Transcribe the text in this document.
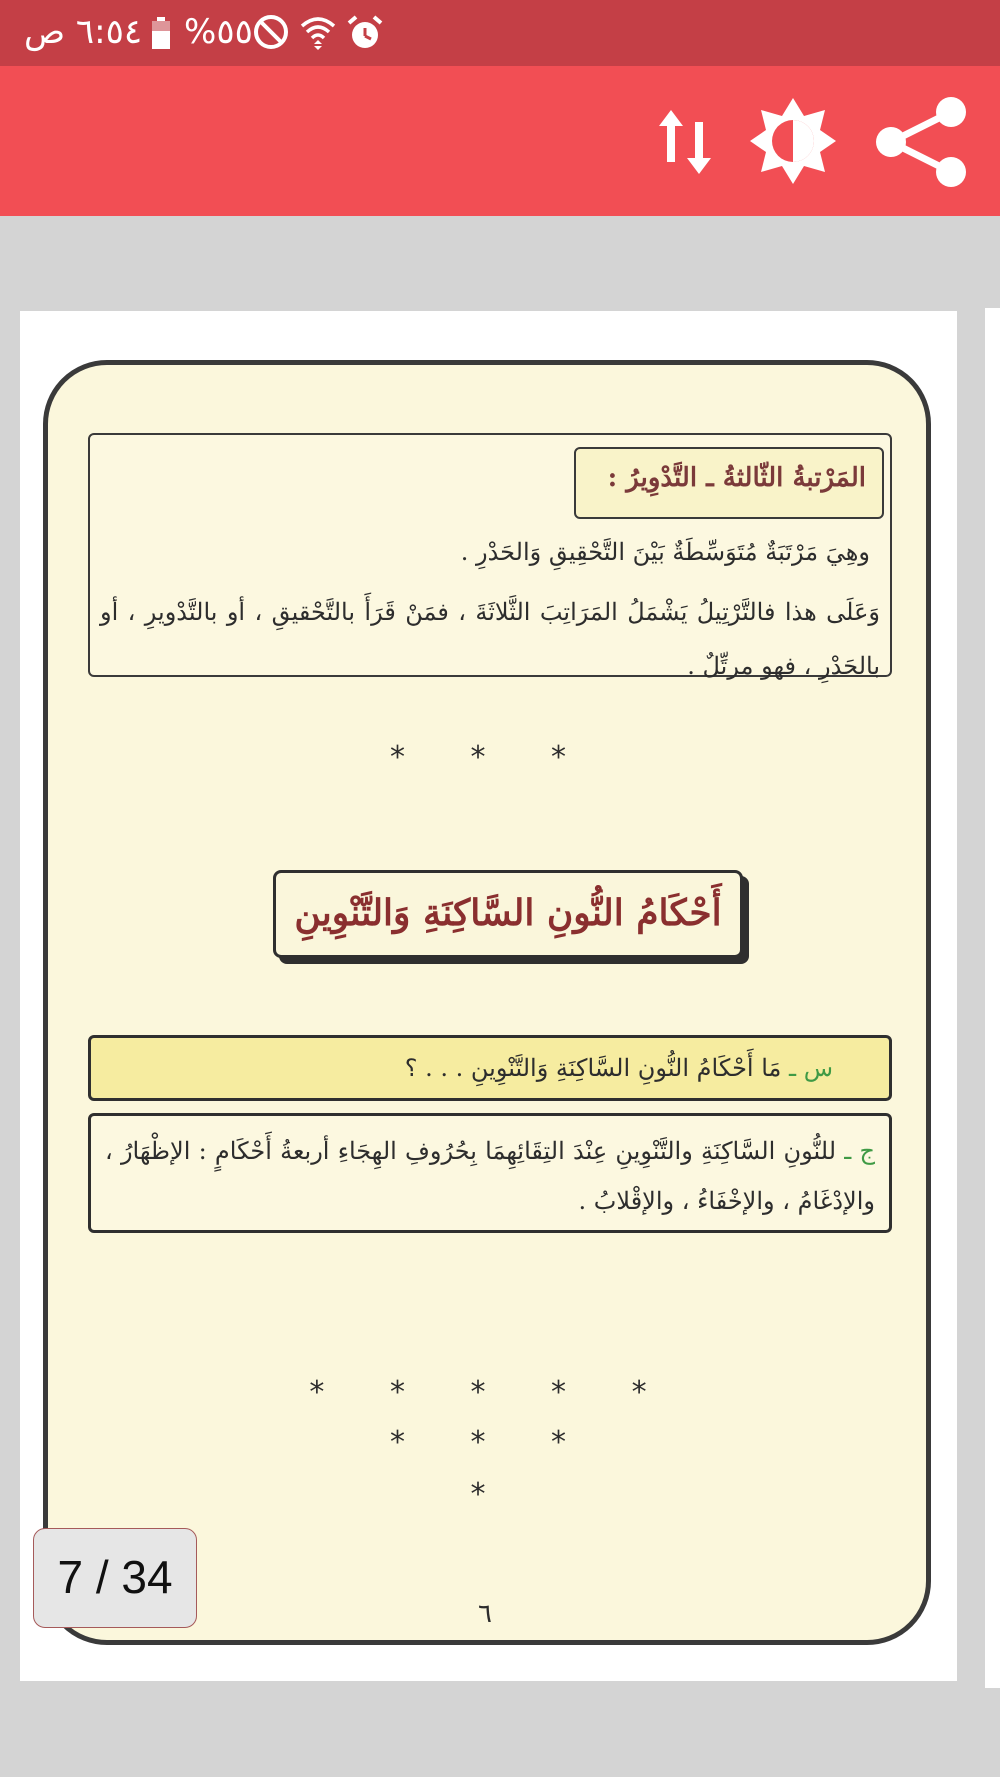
٦:٥٤ ص %٥٥
المَرْتبةُ الثّالثةُ ـ التَّدْوِيرُ :
وهِيَ مَرْتَبَةٌ مُتَوَسِّطَةٌ بَيْنَ التَّحْقِيقِ وَالحَدْرِ .
وَعَلَى هذا فالتَّرْتِيلُ يَشْمَلُ المَرَاتِبَ الثَّلاثَةَ ، فمَنْ قَرَأَ بالتَّحْقيقِ ، أو بالتَّدْويرِ ، أو بالحَدْرِ ، فهو مرتِّلٌ .
* * *
أَحْكَامُ النُّونِ السَّاكِنَةِ وَالتَّنْوِينِ
س ـ مَا أَحْكَامُ النُّونِ السَّاكِنَةِ وَالتَّنْوِينِ . . . ؟
ج ـ للنُّونِ السَّاكِنَةِ والتَّنْوِينِ عِنْدَ التِقَائِهِمَا بِحُرُوفِ الهِجَاءِ أربعةُ أَحْكَامٍ : الإظْهَارُ ، والإدْغَامُ ، والإخْفَاءُ ، والإقْلابُ .
* * * * *
* * *
*
٦
7 / 34
